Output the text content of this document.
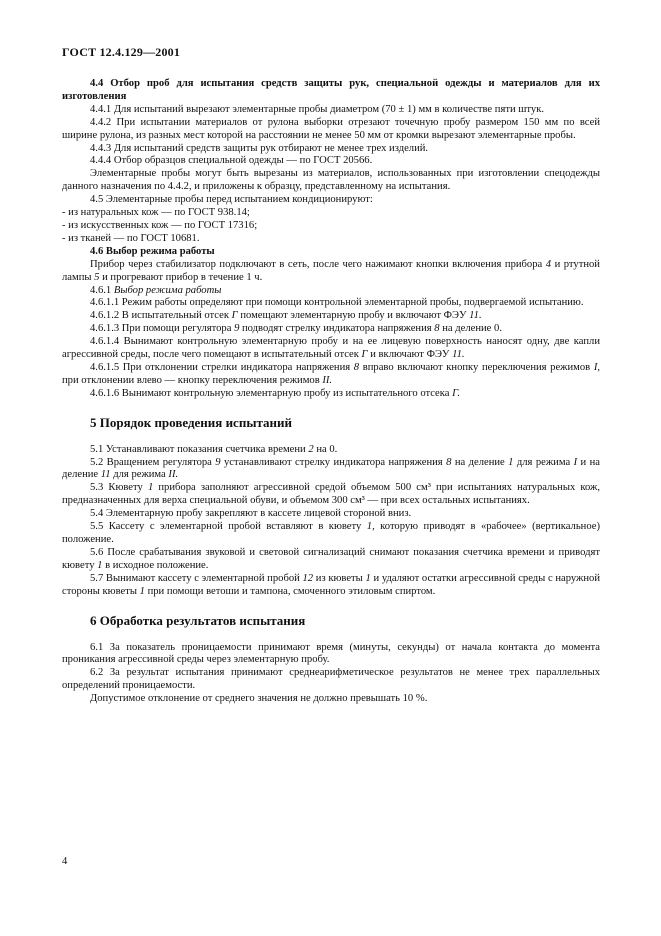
ГОСТ 12.4.129—2001

4.4 Отбор проб для испытания средств защиты рук, специальной одежды и материалов для их изготовления

4.4.1 Для испытаний вырезают элементарные пробы диаметром (70 ± 1) мм в количестве пяти штук.

4.4.2 При испытании материалов от рулона выборки отрезают точечную пробу размером 150 мм по всей ширине рулона, из разных мест которой на расстоянии не менее 50 мм от кромки вырезают элементарные пробы.

4.4.3 Для испытаний средств защиты рук отбирают не менее трех изделий.

4.4.4 Отбор образцов специальной одежды — по ГОСТ 20566.

Элементарные пробы могут быть вырезаны из материалов, использованных при изготовлении спецодежды данного назначения по 4.4.2, и приложены к образцу, представленному на испытания.

4.5 Элементарные пробы перед испытанием кондиционируют:

- из натуральных кож — по ГОСТ 938.14;

- из искусственных кож — по ГОСТ 17316;

- из тканей — по ГОСТ 10681.

4.6 Выбор режима работы

Прибор через стабилизатор подключают в сеть, после чего нажимают кнопки включения прибора 4 и ртутной лампы 5 и прогревают прибор в течение 1 ч.

4.6.1 Выбор режима работы

4.6.1.1 Режим работы определяют при помощи контрольной элементарной пробы, подвергаемой испытанию.

4.6.1.2 В испытательный отсек Г помещают элементарную пробу и включают ФЭУ 11.

4.6.1.3 При помощи регулятора 9 подводят стрелку индикатора напряжения 8 на деление 0.

4.6.1.4 Вынимают контрольную элементарную пробу и на ее лицевую поверхность наносят одну, две капли агрессивной среды, после чего помещают в испытательный отсек Г и включают ФЭУ 11.

4.6.1.5 При отклонении стрелки индикатора напряжения 8 вправо включают кнопку переключения режимов I, при отклонении влево — кнопку переключения режимов II.

4.6.1.6 Вынимают контрольную элементарную пробу из испытательного отсека Г.

5 Порядок проведения испытаний

5.1 Устанавливают показания счетчика времени 2 на 0.

5.2 Вращением регулятора 9 устанавливают стрелку индикатора напряжения 8 на деление 1 для режима I и на деление 11 для режима II.

5.3 Кювету 1 прибора заполняют агрессивной средой объемом 500 см³ при испытаниях натуральных кож, предназначенных для верха специальной обуви, и объемом 300 см³ — при всех остальных испытаниях.

5.4 Элементарную пробу закрепляют в кассете лицевой стороной вниз.

5.5 Кассету с элементарной пробой вставляют в кювету 1, которую приводят в «рабочее» (вертикальное) положение.

5.6 После срабатывания звуковой и световой сигнализаций снимают показания счетчика времени и приводят кювету 1 в исходное положение.

5.7 Вынимают кассету с элементарной пробой 12 из кюветы 1 и удаляют остатки агрессивной среды с наружной стороны кюветы 1 при помощи ветоши и тампона, смоченного этиловым спиртом.

6 Обработка результатов испытания

6.1 За показатель проницаемости принимают время (минуты, секунды) от начала контакта до момента проникания агрессивной среды через элементарную пробу.

6.2 За результат испытания принимают среднеарифметическое результатов не менее трех параллельных определений проницаемости.

Допустимое отклонение от среднего значения не должно превышать 10 %.

4
